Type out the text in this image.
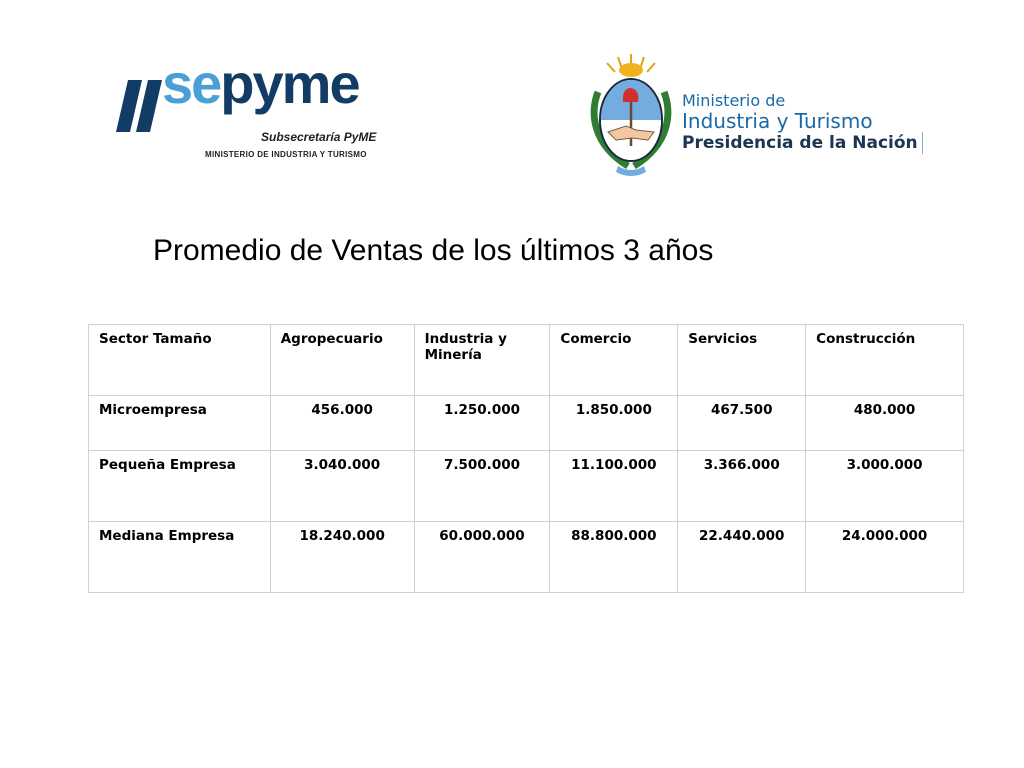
sepyme
Subsecretaría PyME
MINISTERIO DE INDUSTRIA Y TURISMO
Ministerio de
Industria y Turismo
Presidencia de la Nación
Promedio de Ventas de los últimos 3 años
Sector Tamaño	Agropecuario	Industria y Minería	Comercio	Servicios	Construcción
Microempresa	456.000	1.250.000	1.850.000	467.500	480.000
Pequeña Empresa	3.040.000	7.500.000	11.100.000	3.366.000	3.000.000
Mediana Empresa	18.240.000	60.000.000	88.800.000	22.440.000	24.000.000
